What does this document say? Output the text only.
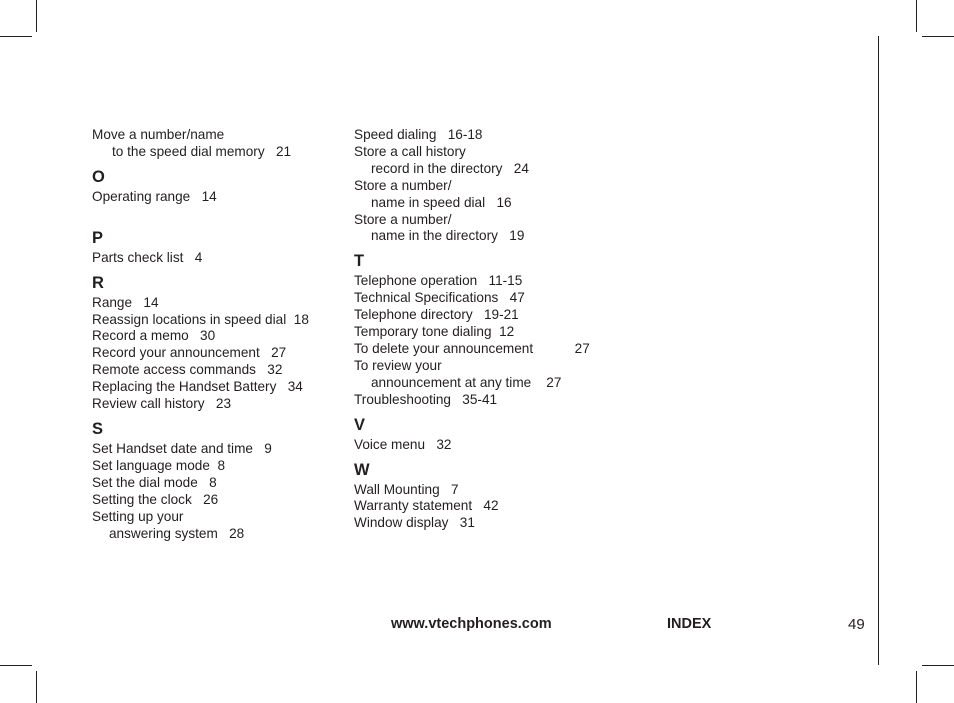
Move a number/name
to the speed dial memory   21
O
Operating range   14
P
Parts check list   4
R
Range   14
Reassign locations in speed dial  18
Record a memo   30
Record your announcement   27
Remote access commands   32
Replacing the Handset Battery   34
Review call history   23
S
Set Handset date and time   9
Set language mode  8
Set the dial mode   8
Setting the clock   26
Setting up your
answering system   28
Speed dialing   16-18
Store a call history
record in the directory   24
Store a number/
name in speed dial   16
Store a number/
name in the directory   19
T
Telephone operation   11-15
Technical Specifications   47
Telephone directory   19-21
Temporary tone dialing  12
To delete your announcement           27
To review your
announcement at any time    27
Troubleshooting   35-41
V
Voice menu   32
W
Wall Mounting   7
Warranty statement   42
Window display   31
www.vtechphones.com	INDEX	49
